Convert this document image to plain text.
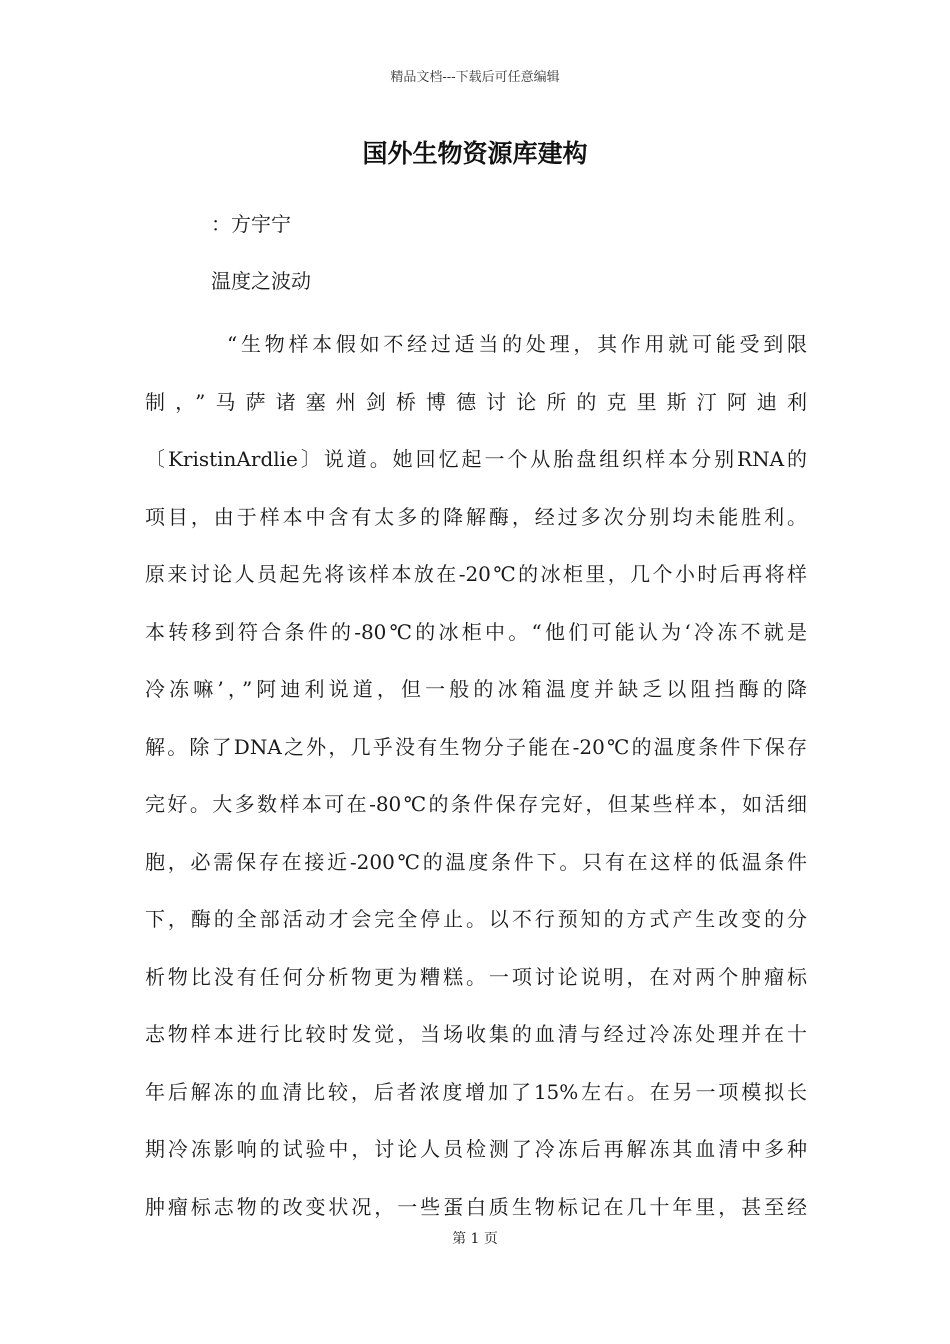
精品文档---下载后可任意编辑
国外生物资源库建构
：方宇宁
温度之波动
“生物样本假如不经过适当的处理，其作用就可能受到限
制，”马萨诸塞州剑桥博德讨论所的克里斯汀阿迪利
〔KristinArdlie〕说道。她回忆起一个从胎盘组织样本分别RNA的
项目，由于样本中含有太多的降解酶，经过多次分别均未能胜利。
原来讨论人员起先将该样本放在-20℃的冰柜里，几个小时后再将样
本转移到符合条件的-80℃的冰柜中。“他们可能认为‘冷冻不就是
冷冻嘛’，”阿迪利说道，但一般的冰箱温度并缺乏以阻挡酶的降
解。除了DNA之外，几乎没有生物分子能在-20℃的温度条件下保存
完好。大多数样本可在-80℃的条件保存完好，但某些样本，如活细
胞，必需保存在接近-200℃的温度条件下。只有在这样的低温条件
下，酶的全部活动才会完全停止。以不行预知的方式产生改变的分
析物比没有任何分析物更为糟糕。一项讨论说明，在对两个肿瘤标
志物样本进行比较时发觉，当场收集的血清与经过冷冻处理并在十
年后解冻的血清比较，后者浓度增加了15%左右。在另一项模拟长
期冷冻影响的试验中，讨论人员检测了冷冻后再解冻其血清中多种
肿瘤标志物的改变状况，一些蛋白质生物标记在几十年里，甚至经
第 1 页
